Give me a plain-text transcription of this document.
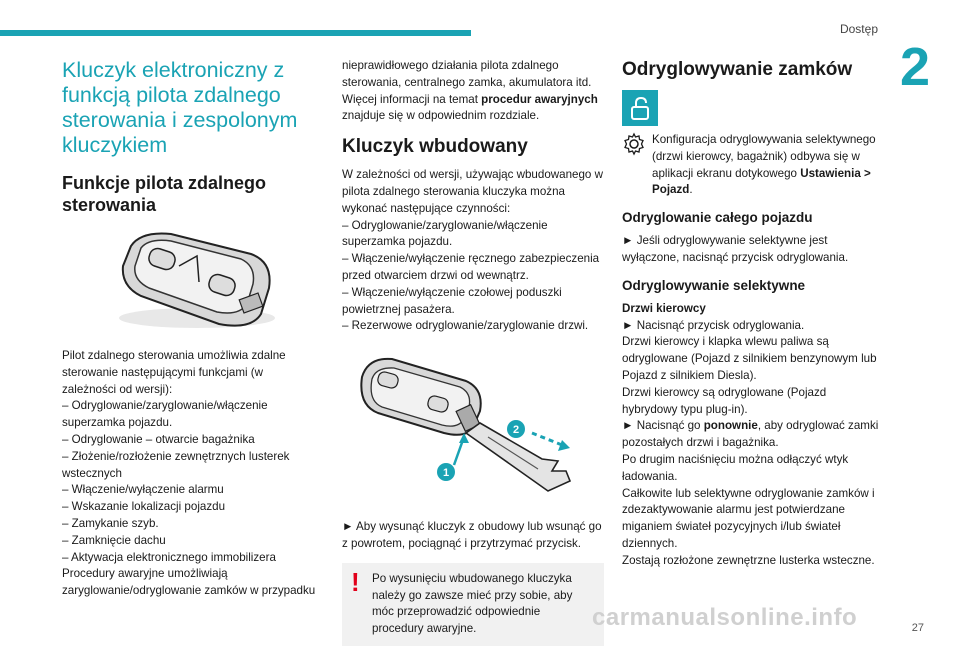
Dostęp
2
Kluczyk elektroniczny z funkcją pilota zdalnego sterowania i zespolonym kluczykiem
Funkcje pilota zdalnego sterowania

Pilot zdalnego sterowania umożliwia zdalne sterowanie następującymi funkcjami (w zależności od wersji):

– Odryglowanie/zaryglowanie/włączenie superzamka pojazdu.

– Odryglowanie – otwarcie bagażnika

– Złożenie/rozłożenie zewnętrznych lusterek wstecznych

– Włączenie/wyłączenie alarmu

– Wskazanie lokalizacji pojazdu

– Zamykanie szyb.

– Zamknięcie dachu

– Aktywacja elektronicznego immobilizera

Procedury awaryjne umożliwiają zaryglowanie/odryglowanie zamków w przypadku

nieprawidłowego działania pilota zdalnego sterowania, centralnego zamka, akumulatora itd. Więcej informacji na temat procedur awaryjnych znajduje się w odpowiednim rozdziale.

Kluczyk wbudowany

W zależności od wersji, używając wbudowanego w pilota zdalnego sterowania kluczyka można wykonać następujące czynności:

– Odryglowanie/zaryglowanie/włączenie superzamka pojazdu.

– Włączenie/wyłączenie ręcznego zabezpieczenia przed otwarciem drzwi od wewnątrz.

– Włączenie/wyłączenie czołowej poduszki powietrznej pasażera.

– Rezerwowe odryglowanie/zaryglowanie drzwi.

1
2

► Aby wysunąć kluczyk z obudowy lub wsunąć go z powrotem, pociągnąć i przytrzymać przycisk.

! Po wysunięciu wbudowanego kluczyka należy go zawsze mieć przy sobie, aby móc przeprowadzić odpowiednie procedury awaryjne.

Odryglowywanie zamków

Konfiguracja odryglowywania selektywnego (drzwi kierowcy, bagażnik) odbywa się w aplikacji ekranu dotykowego Ustawienia > Pojazd.

Odryglowanie całego pojazdu

► Jeśli odryglowywanie selektywne jest wyłączone, nacisnąć przycisk odryglowania.

Odryglowywanie selektywne

Drzwi kierowcy

► Nacisnąć przycisk odryglowania.

Drzwi kierowcy i klapka wlewu paliwa są odryglowane (Pojazd z silnikiem benzynowym lub Pojazd z silnikiem Diesla).

Drzwi kierowcy są odryglowane (Pojazd hybrydowy typu plug-in).

► Nacisnąć go ponownie, aby odryglować zamki pozostałych drzwi i bagażnika.

Po drugim naciśnięciu można odłączyć wtyk ładowania.

Całkowite lub selektywne odryglowanie zamków i zdezaktywowanie alarmu jest potwierdzane miganiem świateł pozycyjnych i/lub świateł dziennych.

Zostają rozłożone zewnętrzne lusterka wsteczne.

27
carmanualsonline.info
